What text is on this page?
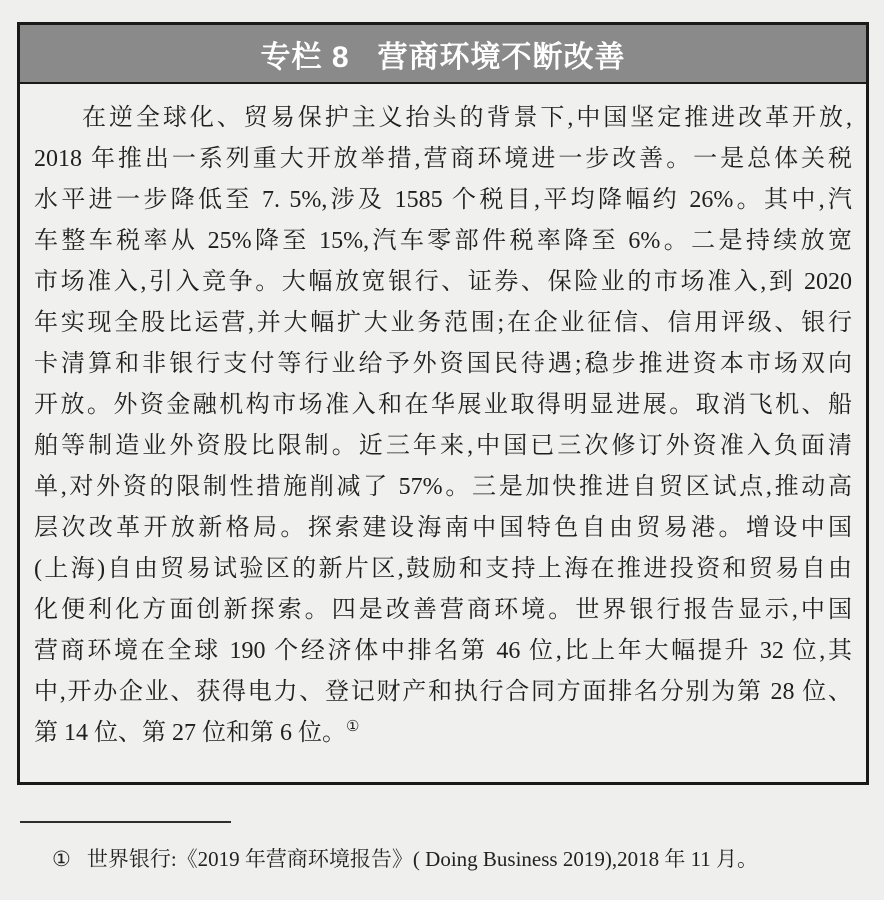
专栏 8 营商环境不断改善
在逆全球化、贸易保护主义抬头的背景下,中国坚定推进改革开放,
2018 年推出一系列重大开放举措,营商环境进一步改善。一是总体关税
水平进一步降低至 7. 5%,涉及 1585 个税目,平均降幅约 26%。其中,汽
车整车税率从 25%降至 15%,汽车零部件税率降至 6%。二是持续放宽
市场准入,引入竞争。大幅放宽银行、证券、保险业的市场准入,到 2020
年实现全股比运营,并大幅扩大业务范围;在企业征信、信用评级、银行
卡清算和非银行支付等行业给予外资国民待遇;稳步推进资本市场双向
开放。外资金融机构市场准入和在华展业取得明显进展。取消飞机、船
舶等制造业外资股比限制。近三年来,中国已三次修订外资准入负面清
单,对外资的限制性措施削减了 57%。三是加快推进自贸区试点,推动高
层次改革开放新格局。探索建设海南中国特色自由贸易港。增设中国
(上海)自由贸易试验区的新片区,鼓励和支持上海在推进投资和贸易自由
化便利化方面创新探索。四是改善营商环境。世界银行报告显示,中国
营商环境在全球 190 个经济体中排名第 46 位,比上年大幅提升 32 位,其
中,开办企业、获得电力、登记财产和执行合同方面排名分别为第 28 位、
第 14 位、第 27 位和第 6 位。①
① 世界银行:《2019 年营商环境报告》( Doing Business 2019),2018 年 11 月。
